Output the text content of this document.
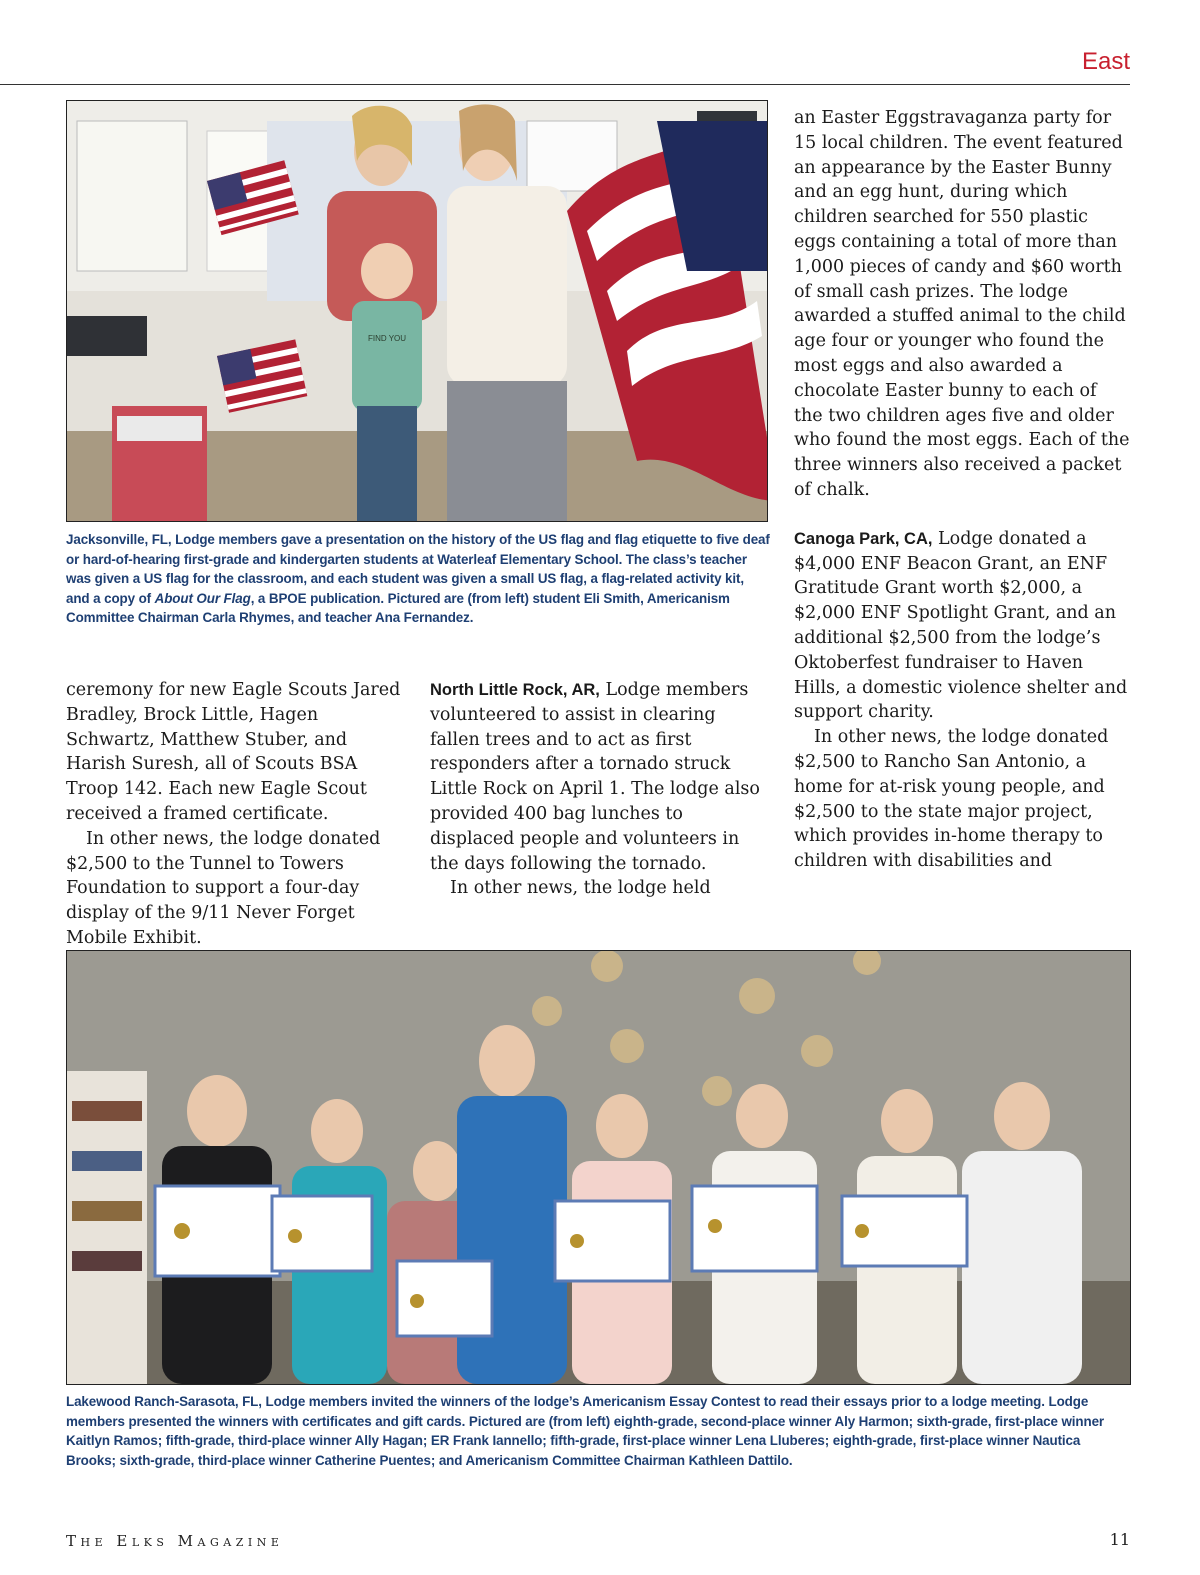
East
FIND YOU
Jacksonville, FL, Lodge members gave a presentation on the history of the US flag and flag etiquette to five deaf or hard-of-hearing first-grade and kindergarten students at Waterleaf Elementary School. The class’s teacher was given a US flag for the classroom, and each student was given a small US flag, a flag-related activity kit, and a copy of About Our Flag, a BPOE publication. Pictured are (from left) student Eli Smith, Americanism Committee Chairman Carla Rhymes, and teacher Ana Fernandez.

an Easter Eggstravaganza party for 15 local children. The event featured an appearance by the Easter Bunny and an egg hunt, during which children searched for 550 plastic eggs containing a total of more than 1,000 pieces of candy and $60 worth of small cash prizes. The lodge awarded a stuffed animal to the child age four or younger who found the most eggs and also awarded a chocolate Easter bunny to each of the two children ages five and older who found the most eggs. Each of the three winners also received a packet of chalk.

Canoga Park, CA, Lodge donated a $4,000 ENF Beacon Grant, an ENF Gratitude Grant worth $2,000, a $2,000 ENF Spotlight Grant, and an additional $2,500 from the lodge’s Oktoberfest fundraiser to Haven Hills, a domestic violence shelter and support charity.

In other news, the lodge donated $2,500 to Rancho San Antonio, a home for at-risk young people, and $2,500 to the state major project, which provides in-home therapy to children with disabilities and

ceremony for new Eagle Scouts Jared Bradley, Brock Little, Hagen Schwartz, Matthew Stuber, and Harish Suresh, all of Scouts BSA Troop 142. Each new Eagle Scout received a framed certificate.

In other news, the lodge donated $2,500 to the Tunnel to Towers Foundation to support a four-day display of the 9/11 Never Forget Mobile Exhibit.

North Little Rock, AR, Lodge members volunteered to assist in clearing fallen trees and to act as first responders after a tornado struck Little Rock on April 1. The lodge also provided 400 bag lunches to displaced people and volunteers in the days following the tornado.

In other news, the lodge held

Lakewood Ranch-Sarasota, FL, Lodge members invited the winners of the lodge’s Americanism Essay Contest to read their essays prior to a lodge meeting. Lodge members presented the winners with certificates and gift cards. Pictured are (from left) eighth-grade, second-place winner Aly Harmon; sixth-grade, first-place winner Kaitlyn Ramos; fifth-grade, third-place winner Ally Hagan; ER Frank Iannello; fifth-grade, first-place winner Lena Lluberes; eighth-grade, first-place winner Nautica Brooks; sixth-grade, third-place winner Catherine Puentes; and Americanism Committee Chairman Kathleen Dattilo.
The Elks Magazine	11
